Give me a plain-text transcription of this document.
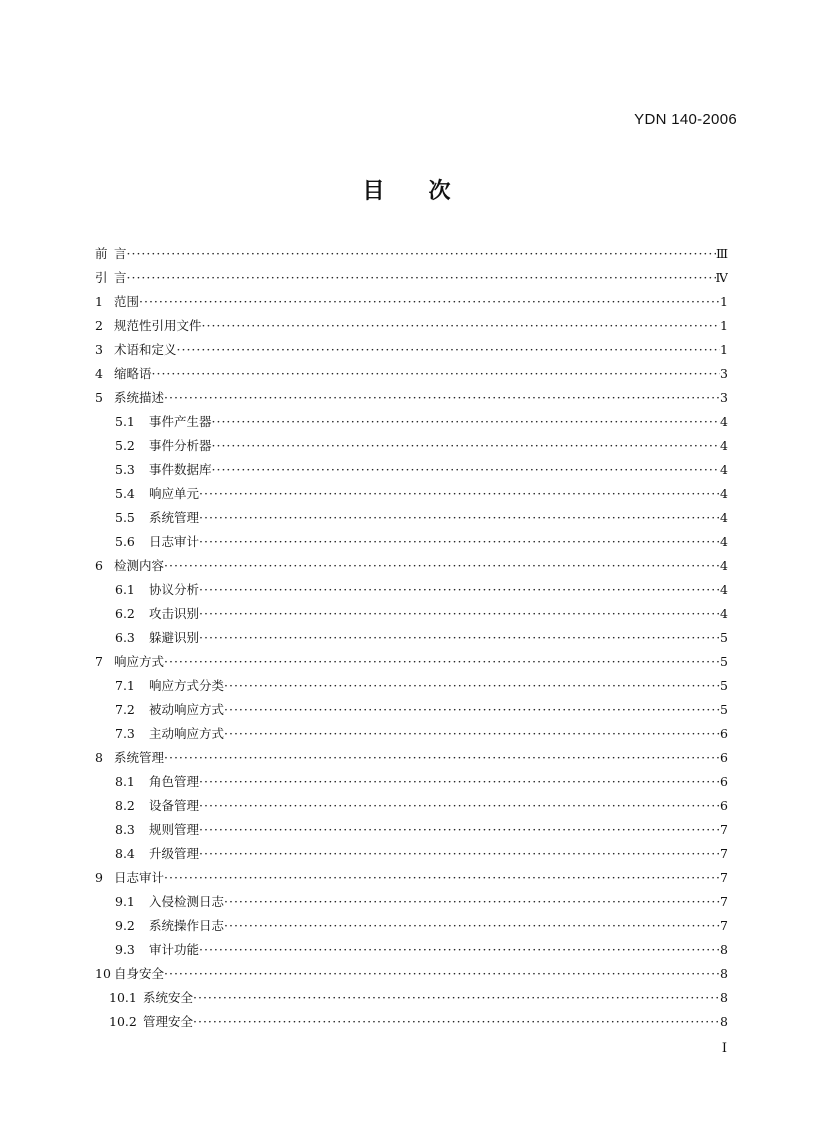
YDN 140-2006
目 次
前 言 ·····	Ⅲ
引 言 ·····	Ⅳ
1 范围 ·····	1
2 规范性引用文件 ·····	1
3 术语和定义 ·····	1
4 缩略语 ·····	3
5 系统描述 ·····	3
5.1	事件产生器 ·····	4
5.2	事件分析器 ·····	4
5.3	事件数据库 ·····	4
5.4	响应单元 ·····	4
5.5	系统管理 ·····	4
5.6	日志审计 ·····	4
6 检测内容 ·····	4
6.1	协议分析 ·····	4
6.2	攻击识别 ·····	4
6.3	躲避识别 ·····	5
7 响应方式 ·····	5
7.1	响应方式分类 ·····	5
7.2	被动响应方式 ·····	5
7.3	主动响应方式 ·····	6
8 系统管理 ·····	6
8.1	角色管理 ·····	6
8.2	设备管理 ·····	6
8.3	规则管理 ·····	7
8.4	升级管理 ·····	7
9 日志审计 ·····	7
9.1	入侵检测日志 ·····	7
9.2	系统操作日志 ·····	7
9.3	审计功能 ·····	8
10 自身安全 ·····	8
10.1 系统安全 ·····	8
10.2 管理安全 ·····	8
I
